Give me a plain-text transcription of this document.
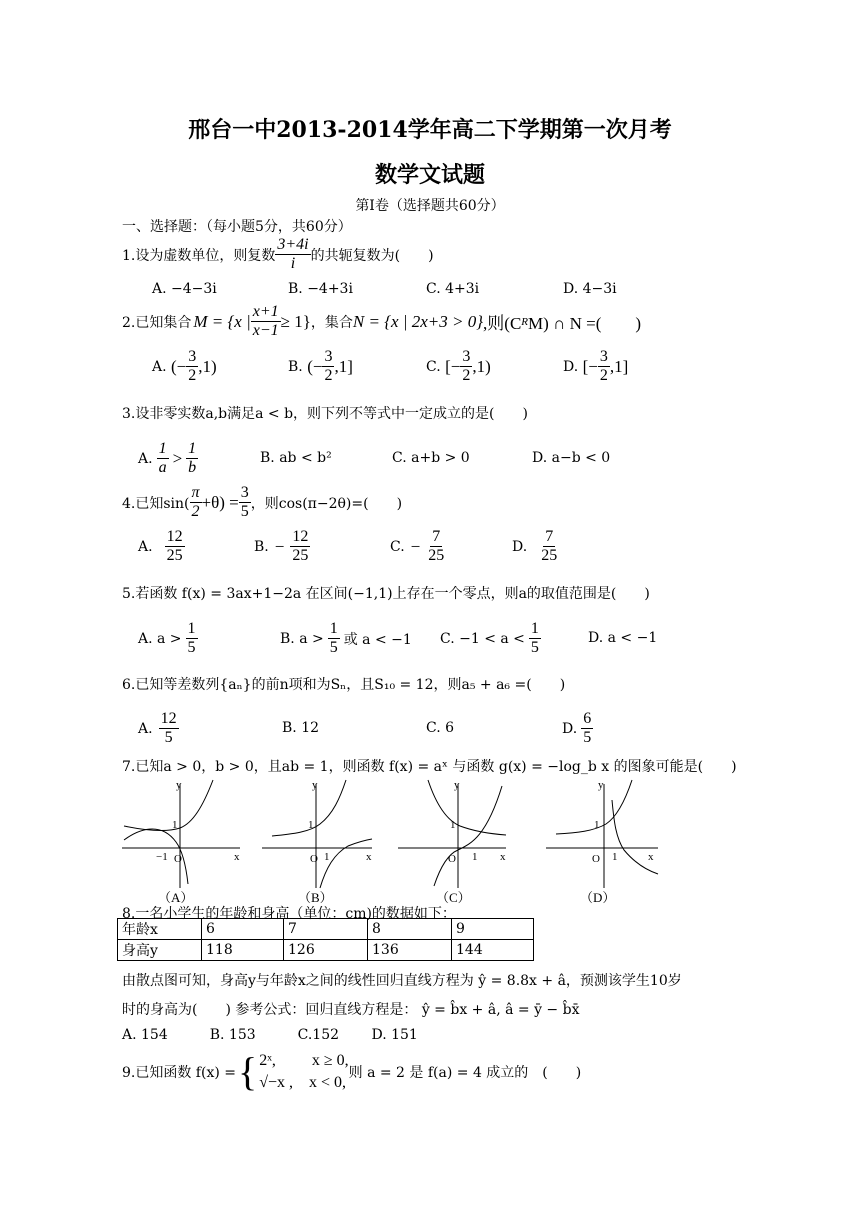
邢台一中2013-2014学年高二下学期第一次月考
数学文试题
第Ⅰ卷（选择题共60分）
一、选择题：（每小题5分，共60分）
1.设为虚数单位，则复数 $\frac{3+4i}{i}$ 的共轭复数为(　　)
A. −4−3i	B. −4+3i	C. 4+3i	D. 4−3i
2.已知集合 M = {x | $\frac{x+1}{x-1} \ge 1$} ，集合 N = {x | 2x+3 > 0} ,则(C R M) ∩ N =(　　)
A.
(− $\frac{3}{2} ,1$)	B.
(− $\frac{3}{2} ,1$]	C.
[− $\frac{3}{2} ,1$)	D.
[− $\frac{3}{2} ,1$]
3.设非零实数a,b满足a < b，则下列不等式中一定成立的是(　　)
A. $\frac{1}{a} > \frac{1}{b}$	B. ab < b²	C. a+b > 0	D. a−b < 0
4.已知$\sin( \frac{\pi}{2} +\theta) = \frac{3}{5}$ ，则cos(π−2θ)=(　　)
A. $\frac{12}{25}$	B. − $\frac{12}{25}$	C. − $\frac{7}{25}$	D. $\frac{7}{25}$
5.若函数 f(x) = 3ax+1−2a 在区间(−1,1)上存在一个零点，则a的取值范围是(　　)
A. $a > \frac{1}{5}$	B. $a > \frac{1}{5}$ 或 a < −1 C. $-1 < a < \frac{1}{5}$	D. a < −1
6.已知等差数列{aₙ}的前n项和为Sₙ，且S₁₀ = 12，则a₅ + a₆ =(　　)
A. $\frac{12}{5}$	B. 12	C. 6	D. $\frac{6}{5}$
7.已知a > 0，b > 0，且ab = 1，则函数 f(x) = aˣ 与函数 g(x) = −log_b x 的图象可能是(　　)
y
x
O
1
−1
y
x
O
1
1
y
x
O
1
1
y
x
O
1
1
（A）	（B）	（C）	（D）
8.一名小学生的年龄和身高（单位：cm)的数据如下：
年龄x	6	7	8	9
身高y	118	126	136	144
由散点图可知，身高y与年龄x之间的线性回归直线方程为 ŷ = 8.8x + â，预测该学生10岁
时的身高为(　　) 参考公式：回归直线方程是： ŷ = b̂x + â, â = ȳ − b̂x̄
A. 154　　　B. 153　　　C.152　　 D. 151
9.已知函数 f(x) = { 2ˣ,　　 x ≥ 0,
√−x ,　x < 0,
则 a = 2 是 f(a) = 4 成立的　(　　)
